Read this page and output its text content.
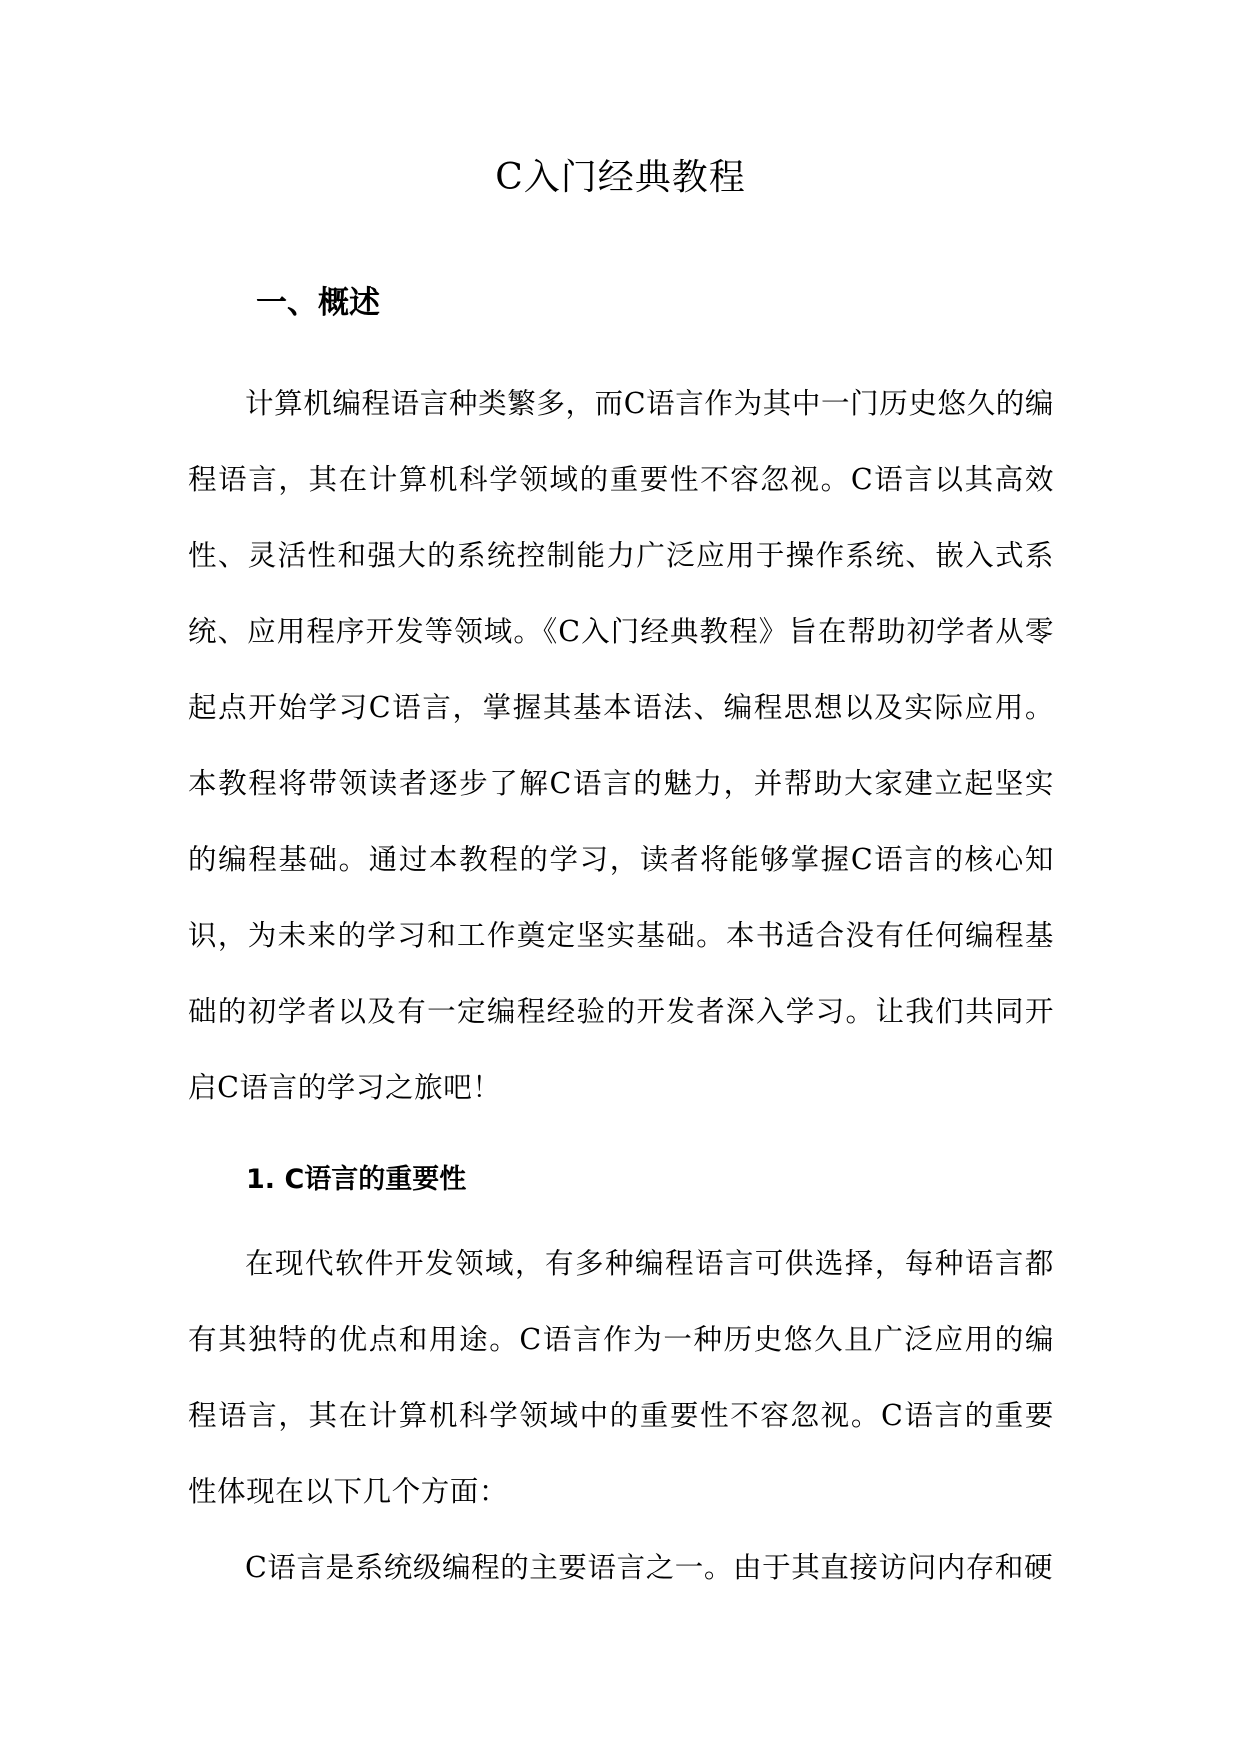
C入门经典教程
一、概述

计算机编程语言种类繁多，而C语言作为其中一门历史悠久的编程语言，其在计算机科学领域的重要性不容忽视。C语言以其高效性、灵活性和强大的系统控制能力广泛应用于操作系统、嵌入式系统、应用程序开发等领域。《C入门经典教程》旨在帮助初学者从零起点开始学习C语言，掌握其基本语法、编程思想以及实际应用。本教程将带领读者逐步了解C语言的魅力，并帮助大家建立起坚实的编程基础。通过本教程的学习，读者将能够掌握C语言的核心知识，为未来的学习和工作奠定坚实基础。本书适合没有任何编程基础的初学者以及有一定编程经验的开发者深入学习。让我们共同开启C语言的学习之旅吧！

1. C语言的重要性

在现代软件开发领域，有多种编程语言可供选择，每种语言都有其独特的优点和用途。C语言作为一种历史悠久且广泛应用的编程语言，其在计算机科学领域中的重要性不容忽视。C语言的重要性体现在以下几个方面：

C语言是系统级编程的主要语言之一。由于其直接访问内存和硬
